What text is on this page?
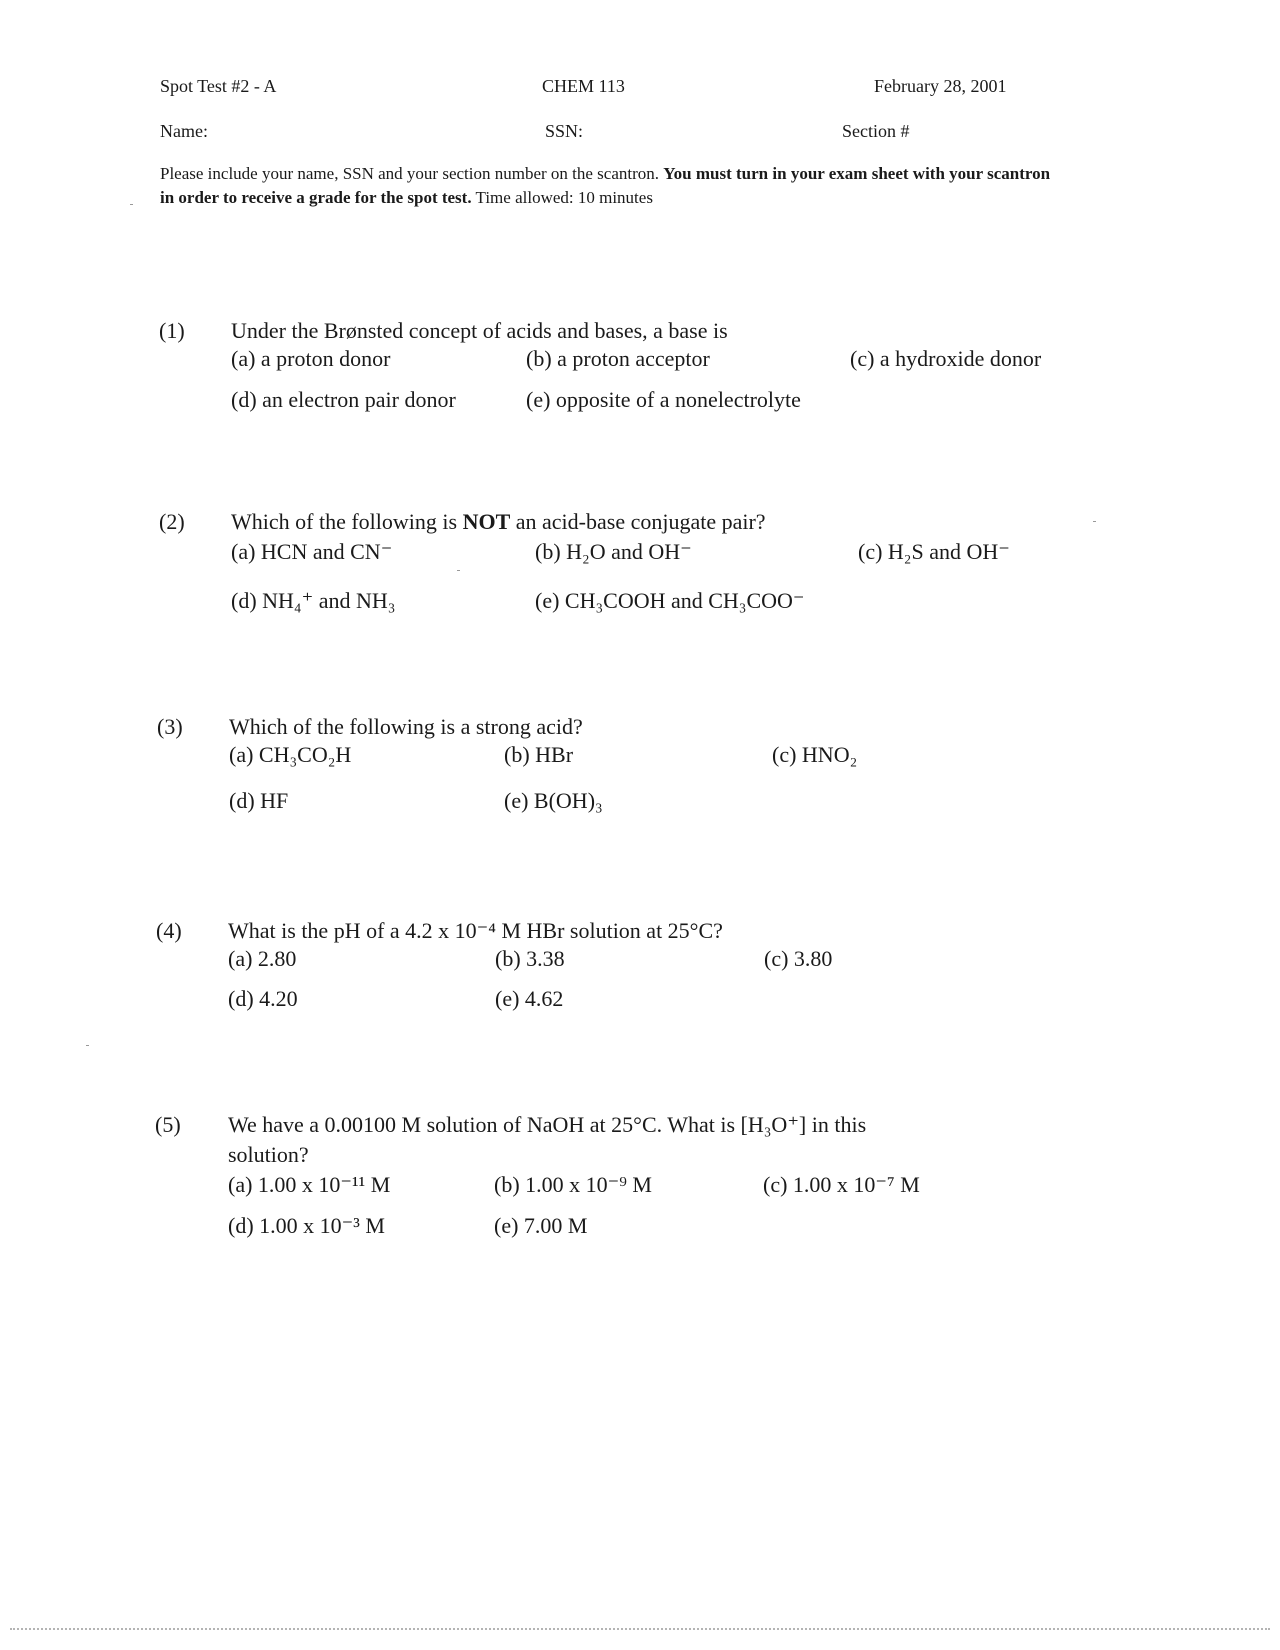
Spot Test #2 - A	CHEM 113	February 28, 2001
Name:	SSN:	Section #
Please include your name, SSN and your section number on the scantron. You must turn in your exam sheet with your scantron in order to receive a grade for the spot test. Time allowed: 10 minutes
(1) Under the Brønsted concept of acids and bases, a base is
(a) a proton donor	(b) a proton acceptor	(c) a hydroxide donor
(d) an electron pair donor	(e) opposite of a nonelectrolyte
(2) Which of the following is NOT an acid-base conjugate pair?
(a) HCN and CN⁻	(b) H₂O and OH⁻	(c) H₂S and OH⁻
(d) NH₄⁺ and NH₃	(e) CH₃COOH and CH₃COO⁻
(3) Which of the following is a strong acid?
(a) CH₃CO₂H	(b) HBr	(c) HNO₂
(d) HF	(e) B(OH)₃
(4) What is the pH of a 4.2 x 10⁻⁴ M HBr solution at 25°C?
(a) 2.80	(b) 3.38	(c) 3.80
(d) 4.20	(e) 4.62
(5) We have a 0.00100 M solution of NaOH at 25°C. What is [H₃O⁺] in this
solution?
(a) 1.00 x 10⁻¹¹ M	(b) 1.00 x 10⁻⁹ M	(c) 1.00 x 10⁻⁷ M
(d) 1.00 x 10⁻³ M	(e) 7.00 M
